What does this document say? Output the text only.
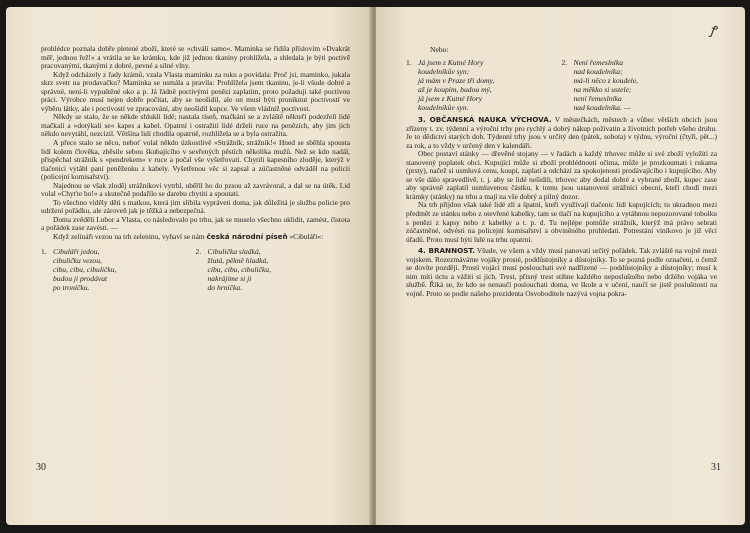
prohlédce poznala dobře pletené zboží, které se »chválí samo«. Maminka se řídila příslovím »Dvakrát měř, jednou řež!« a vrátila se ke krámku, kde již jednou tkaniny prohlížela, a shledala je býti poctivě pracovanými, tkanými z dobré, pevné a silné vlny.

Když odcházely z řady krámů, vzala Vlasta maminku za ruku a povídala: Proč jsi, maminko, jukala skrz svetr na prodavačku? Maminka se usmála a pravila: Prohlížela jsem tkaninu, je-li všude dobré a správné, není-li vypuštěné oko a p. Já řádně poctivými penězi zaplatím, proto požaduji také poctivou práci. Výrobce musí nejen dobře počítat, aby se neošidil, ale on musí býti proniknut poctivostí ve výběru látky, ale i poctivostí ve zpracování, aby neošidil kupce. Ve všem vládniž poctivost.

Někdy se stalo, že se někde shlukli lidé; nastala tíseň, mačkání se a zvláště někteří podezřelí lidé mačkali a »dotýkali se« kapes a kabel. Opatrní i ostražití lidé drželi ruce na penězích, aby jim jich někdo nevytáhl, nezcizil. Většina lidí chodila opatrně, rozhlížela se a byla ostražita.

A přece stalo se něco, neboť volal někdo úzkostlivě »Strážník, strážník!« Hned se sběhla spousta lidí kolem člověka, zběsile sebou škubajícího v sevřených pěstích několika mužů. Než se kdo nadál, přispěchal strážník s »pendrekem« v ruce a počal vše vyšetřovati. Chytili kapesního zloděje, kterýž v tlačenici vytáhl paní peněženku z kabely. Vyšetřenou věc si zapsal a zúčastněné odváděl na policii (policejní komisařství).

Najednou se však zloděj strážníkovi vytrhl, uběřil ho do pzsou až zavrávoral, a dal se na útěk. Lid volal »Chyťte ho!« a skutečně podařilo se darebu chytiti a spoutati.

To všechno viděly děti s matkou, která jim slíbila vypráveti doma, jak důležitá je služba policie pro udržení pořádku, ale zároveň jak je těžká a nebezpečná.

Doma zvěděli Lubor a Vlasta, co následovalo po trhu, jak se muselo všechno uklidit, zamést, čistota a pořádek zase zavésti. —

Když zelináři vezou na trh zeleninu, vyhaví se nám česká národní píseň »Cibuláři«:

1. Cibuláři jedou,
cibuličku vezou,
cibu, cibu, cibuličku,
budou ji prodávat
po troníčku.
2. Cibulička sladká,
žlutá, pěkně hladká,
cibu, cibu, cibuličku,
nakrájíme si ji
do hrníčka.
30
ꝭ

Nebo:

1. Já jsem z Kutné Hory
koudelníkův syn;
já mám v Praze tři domy,
až je koupím, budou mý,
já jsem z Kutné Hory
koudelníkův syn.
2. Není řemeslníka
nad koudelníka;
má-li něco z koudele,
na měkko si ustele;
není řemeslníka
nad koudelníka. —

3. OBČANSKÁ NAUKA VÝCHOVA. V městečkách, městech a vůbec větších obcích jsou zřízeny t. zv. týdenní a výroční trhy pro rychlý a dobrý nákup poživatin a životních potřeb všeho druhu. Je to dědictví starých dob. Týdenní trhy jsou v určitý den (pátek, sobota) v týdnu, výroční (čtyři, pět...) za rok, a to vždy v určený den v kalendáři.

Obec postaví stánky — dřevěné stojany — v řadách a každý trhovec může si své zboží vyložiti za stanovený poplatek obci. Kupující může si zboží prohlédnouti očima, může je prozkoumati i rukama (prsty), načež si usmluvá cenu, koupí, zaplatí a odchází za spokojenosti prodávajícího i kupujícího. Aby se vše dálo spravedlivě, t. j. aby se lidé nešidili, trhovec aby dodal dobré a vybrané zboží, kupec zase aby správně zaplatil usmluvenou částku, k tomu jsou ustanovení strážníci obecní, kteří chodí mezi krámky (stánky) na trhu a mají na vše dobrý a pilný dozor.

Na trh přijdou však také lidé zlí a špatní, kteří využívají tlačenic lidí kupujících; tu ukradnou mezi předmět ze stánku nebo z otevřené kabelky, tam se tlačí na kupujícího a vytáhnou nepozorované tobolku s penězi z kapsy nebo z kabelky a t. p. d. Tu nejlépe pomůže strážník, kterýž má právo sebrati zúčastněné, odvésti na policejní komisařství a obviněného prohledati. Potrestání viníkovo je již věcí úřadů. Proto musí býti lidé na trhu opatrní.

4. BRANNOST. Všude, ve všem a vždy musí panovati určitý pořádek. Tak zvláště na vojně mezi vojskem. Rozezmáváme vojáky prosté, poddůstojníky a důstojníky. To se pozná podle označení, o čemž se dovíte později. Prostí vojáci musí poslouchati své nadřízené — poddůstojníky a důstojníky; musí k nim míti úctu a vážiti si jich. Trest, přísný trest stihne každého neposlušného nebo držého vojáka ve službě. Říká se, že kdo se nenaučí poslouchati doma, ve škole a v učení, naučí se jistě poslušnosti na vojně. Proto se podle našeho prezidenta Osvoboditele nazývá vojna pokra-

31
